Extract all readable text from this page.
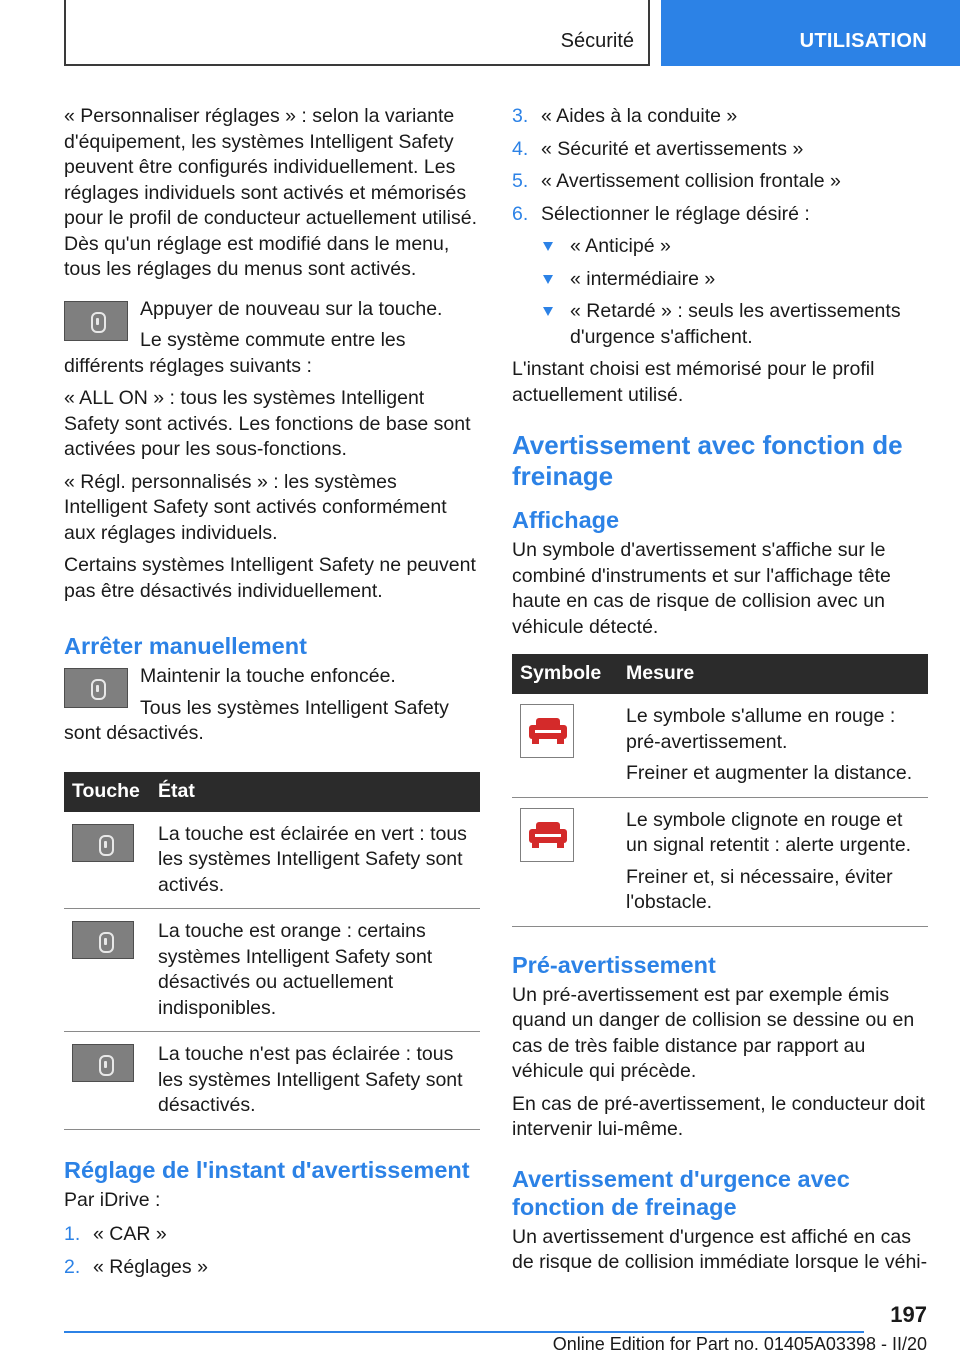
Sécurité	UTILISATION

« Personnaliser réglages » : selon la variante d'équipement, les systèmes Intelligent Safety peuvent être configurés individuellement. Les réglages individuels sont activés et mémorisés pour le profil de conducteur actuellement utilisé. Dès qu'un réglage est modifié dans le menu, tous les réglages du menus sont activés.

Appuyer de nouveau sur la touche.

Le système commute entre les différents réglages suivants :

« ALL ON » : tous les systèmes Intelligent Safety sont activés. Les fonctions de base sont activées pour les sous-fonctions.

« Régl. personnalisés » : les systèmes Intelligent Safety sont activés conformément aux réglages individuels.

Certains systèmes Intelligent Safety ne peuvent pas être désactivés individuellement.

Arrêter manuellement

Maintenir la touche enfoncée.

Tous les systèmes Intelligent Safety sont désactivés.

Touche	État

	La touche est éclairée en vert : tous les systèmes Intelligent Safety sont activés.

	La touche est orange : certains systèmes Intelligent Safety sont désactivés ou actuellement indisponibles.

	La touche n'est pas éclairée : tous les systèmes Intelligent Safety sont désactivés.

Réglage de l'instant d'avertissement

Par iDrive :

1. « CAR »
2. « Réglages »
3. « Aides à la conduite »
4. « Sécurité et avertissements »
5. « Avertissement collision frontale »
6. Sélectionner le réglage désiré :
« Anticipé »
« intermédiaire »
« Retardé » : seuls les avertissements d'urgence s'affichent.

L'instant choisi est mémorisé pour le profil actuellement utilisé.

Avertissement avec fonction de freinage
Affichage

Un symbole d'avertissement s'affiche sur le combiné d'instruments et sur l'affichage tête haute en cas de risque de collision avec un véhicule détecté.

Symbole	Mesure

	Le symbole s'allume en rouge : pré-avertissement.

Freiner et augmenter la distance.

	Le symbole clignote en rouge et un signal retentit : alerte urgente.

Freiner et, si nécessaire, éviter l'obstacle.

Pré-avertissement

Un pré-avertissement est par exemple émis quand un danger de collision se dessine ou en cas de très faible distance par rapport au véhicule qui précède.

En cas de pré-avertissement, le conducteur doit intervenir lui-même.

Avertissement d'urgence avec fonction de freinage

Un avertissement d'urgence est affiché en cas de risque de collision immédiate lorsque le véhi-

197
Online Edition for Part no. 01405A03398 - II/20
